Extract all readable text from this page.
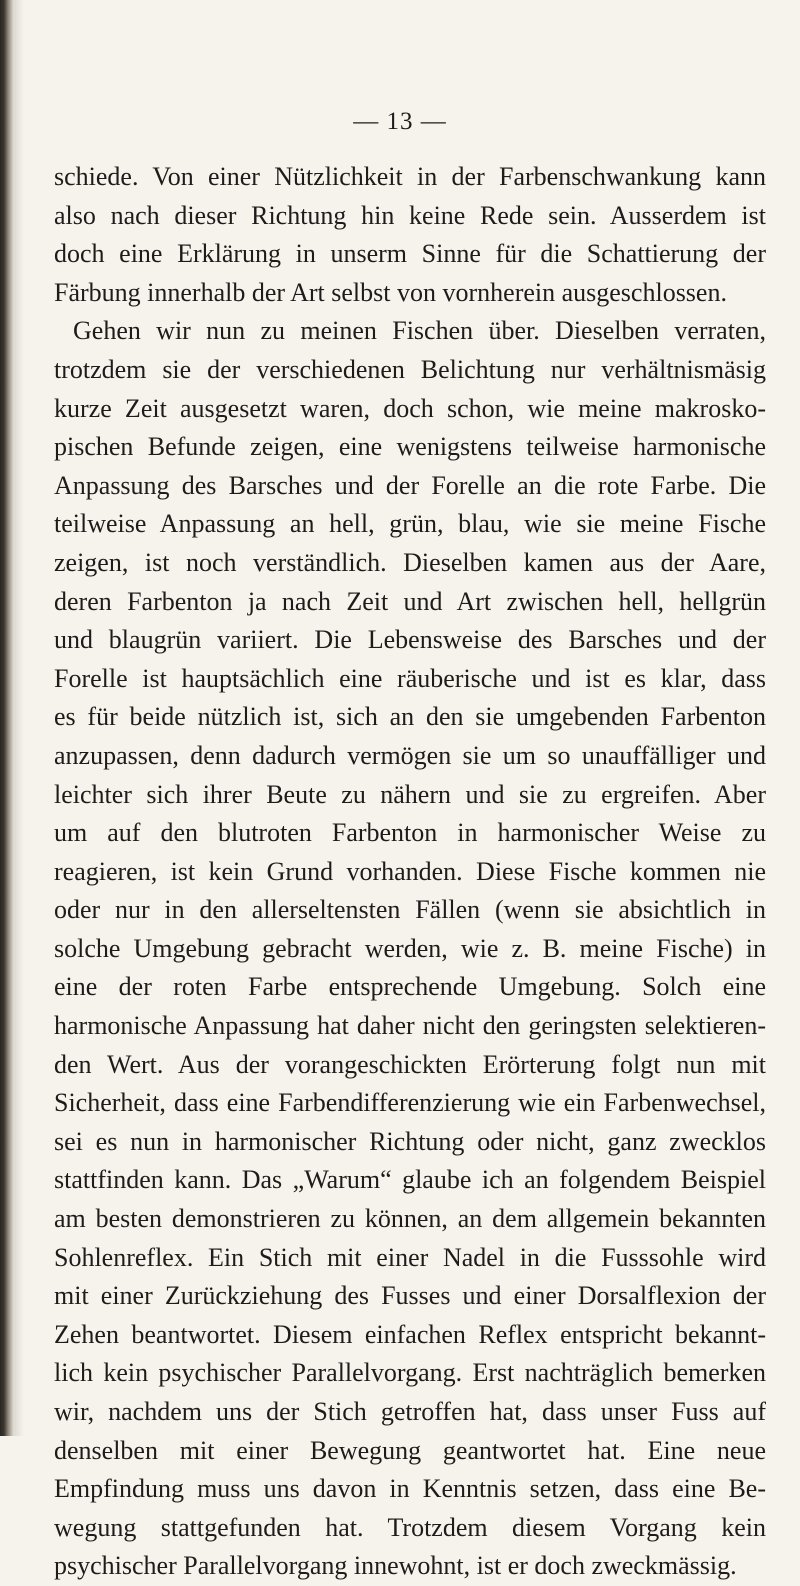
— 13 —

schiede. Von einer Nützlichkeit in der Farbenschwankung kann
also nach dieser Richtung hin keine Rede sein. Ausserdem ist
doch eine Erklärung in unserm Sinne für die Schattierung der
Färbung innerhalb der Art selbst von vornherein ausgeschlossen.
Gehen wir nun zu meinen Fischen über. Dieselben verraten,
trotzdem sie der verschiedenen Belichtung nur verhältnismäsig
kurze Zeit ausgesetzt waren, doch schon, wie meine makrosko-
pischen Befunde zeigen, eine wenigstens teilweise harmonische
Anpassung des Barsches und der Forelle an die rote Farbe. Die
teilweise Anpassung an hell, grün, blau, wie sie meine Fische
zeigen, ist noch verständlich. Dieselben kamen aus der Aare,
deren Farbenton ja nach Zeit und Art zwischen hell, hellgrün
und blaugrün variiert. Die Lebensweise des Barsches und der
Forelle ist hauptsächlich eine räuberische und ist es klar, dass
es für beide nützlich ist, sich an den sie umgebenden Farbenton
anzupassen, denn dadurch vermögen sie um so unauffälliger und
leichter sich ihrer Beute zu nähern und sie zu ergreifen. Aber
um auf den blutroten Farbenton in harmonischer Weise zu
reagieren, ist kein Grund vorhanden. Diese Fische kommen nie
oder nur in den allerseltensten Fällen (wenn sie absichtlich in
solche Umgebung gebracht werden, wie z. B. meine Fische) in
eine der roten Farbe entsprechende Umgebung. Solch eine
harmonische Anpassung hat daher nicht den geringsten selektieren-
den Wert. Aus der vorangeschickten Erörterung folgt nun mit
Sicherheit, dass eine Farbendifferenzierung wie ein Farbenwechsel,
sei es nun in harmonischer Richtung oder nicht, ganz zwecklos
stattfinden kann. Das „Warum“ glaube ich an folgendem Beispiel
am besten demonstrieren zu können, an dem allgemein bekannten
Sohlenreflex. Ein Stich mit einer Nadel in die Fusssohle wird
mit einer Zurückziehung des Fusses und einer Dorsalflexion der
Zehen beantwortet. Diesem einfachen Reflex entspricht bekannt-
lich kein psychischer Parallelvorgang. Erst nachträglich bemerken
wir, nachdem uns der Stich getroffen hat, dass unser Fuss auf
denselben mit einer Bewegung geantwortet hat. Eine neue
Empfindung muss uns davon in Kenntnis setzen, dass eine Be-
wegung stattgefunden hat. Trotzdem diesem Vorgang kein
psychischer Parallelvorgang innewohnt, ist er doch zweckmässig.
